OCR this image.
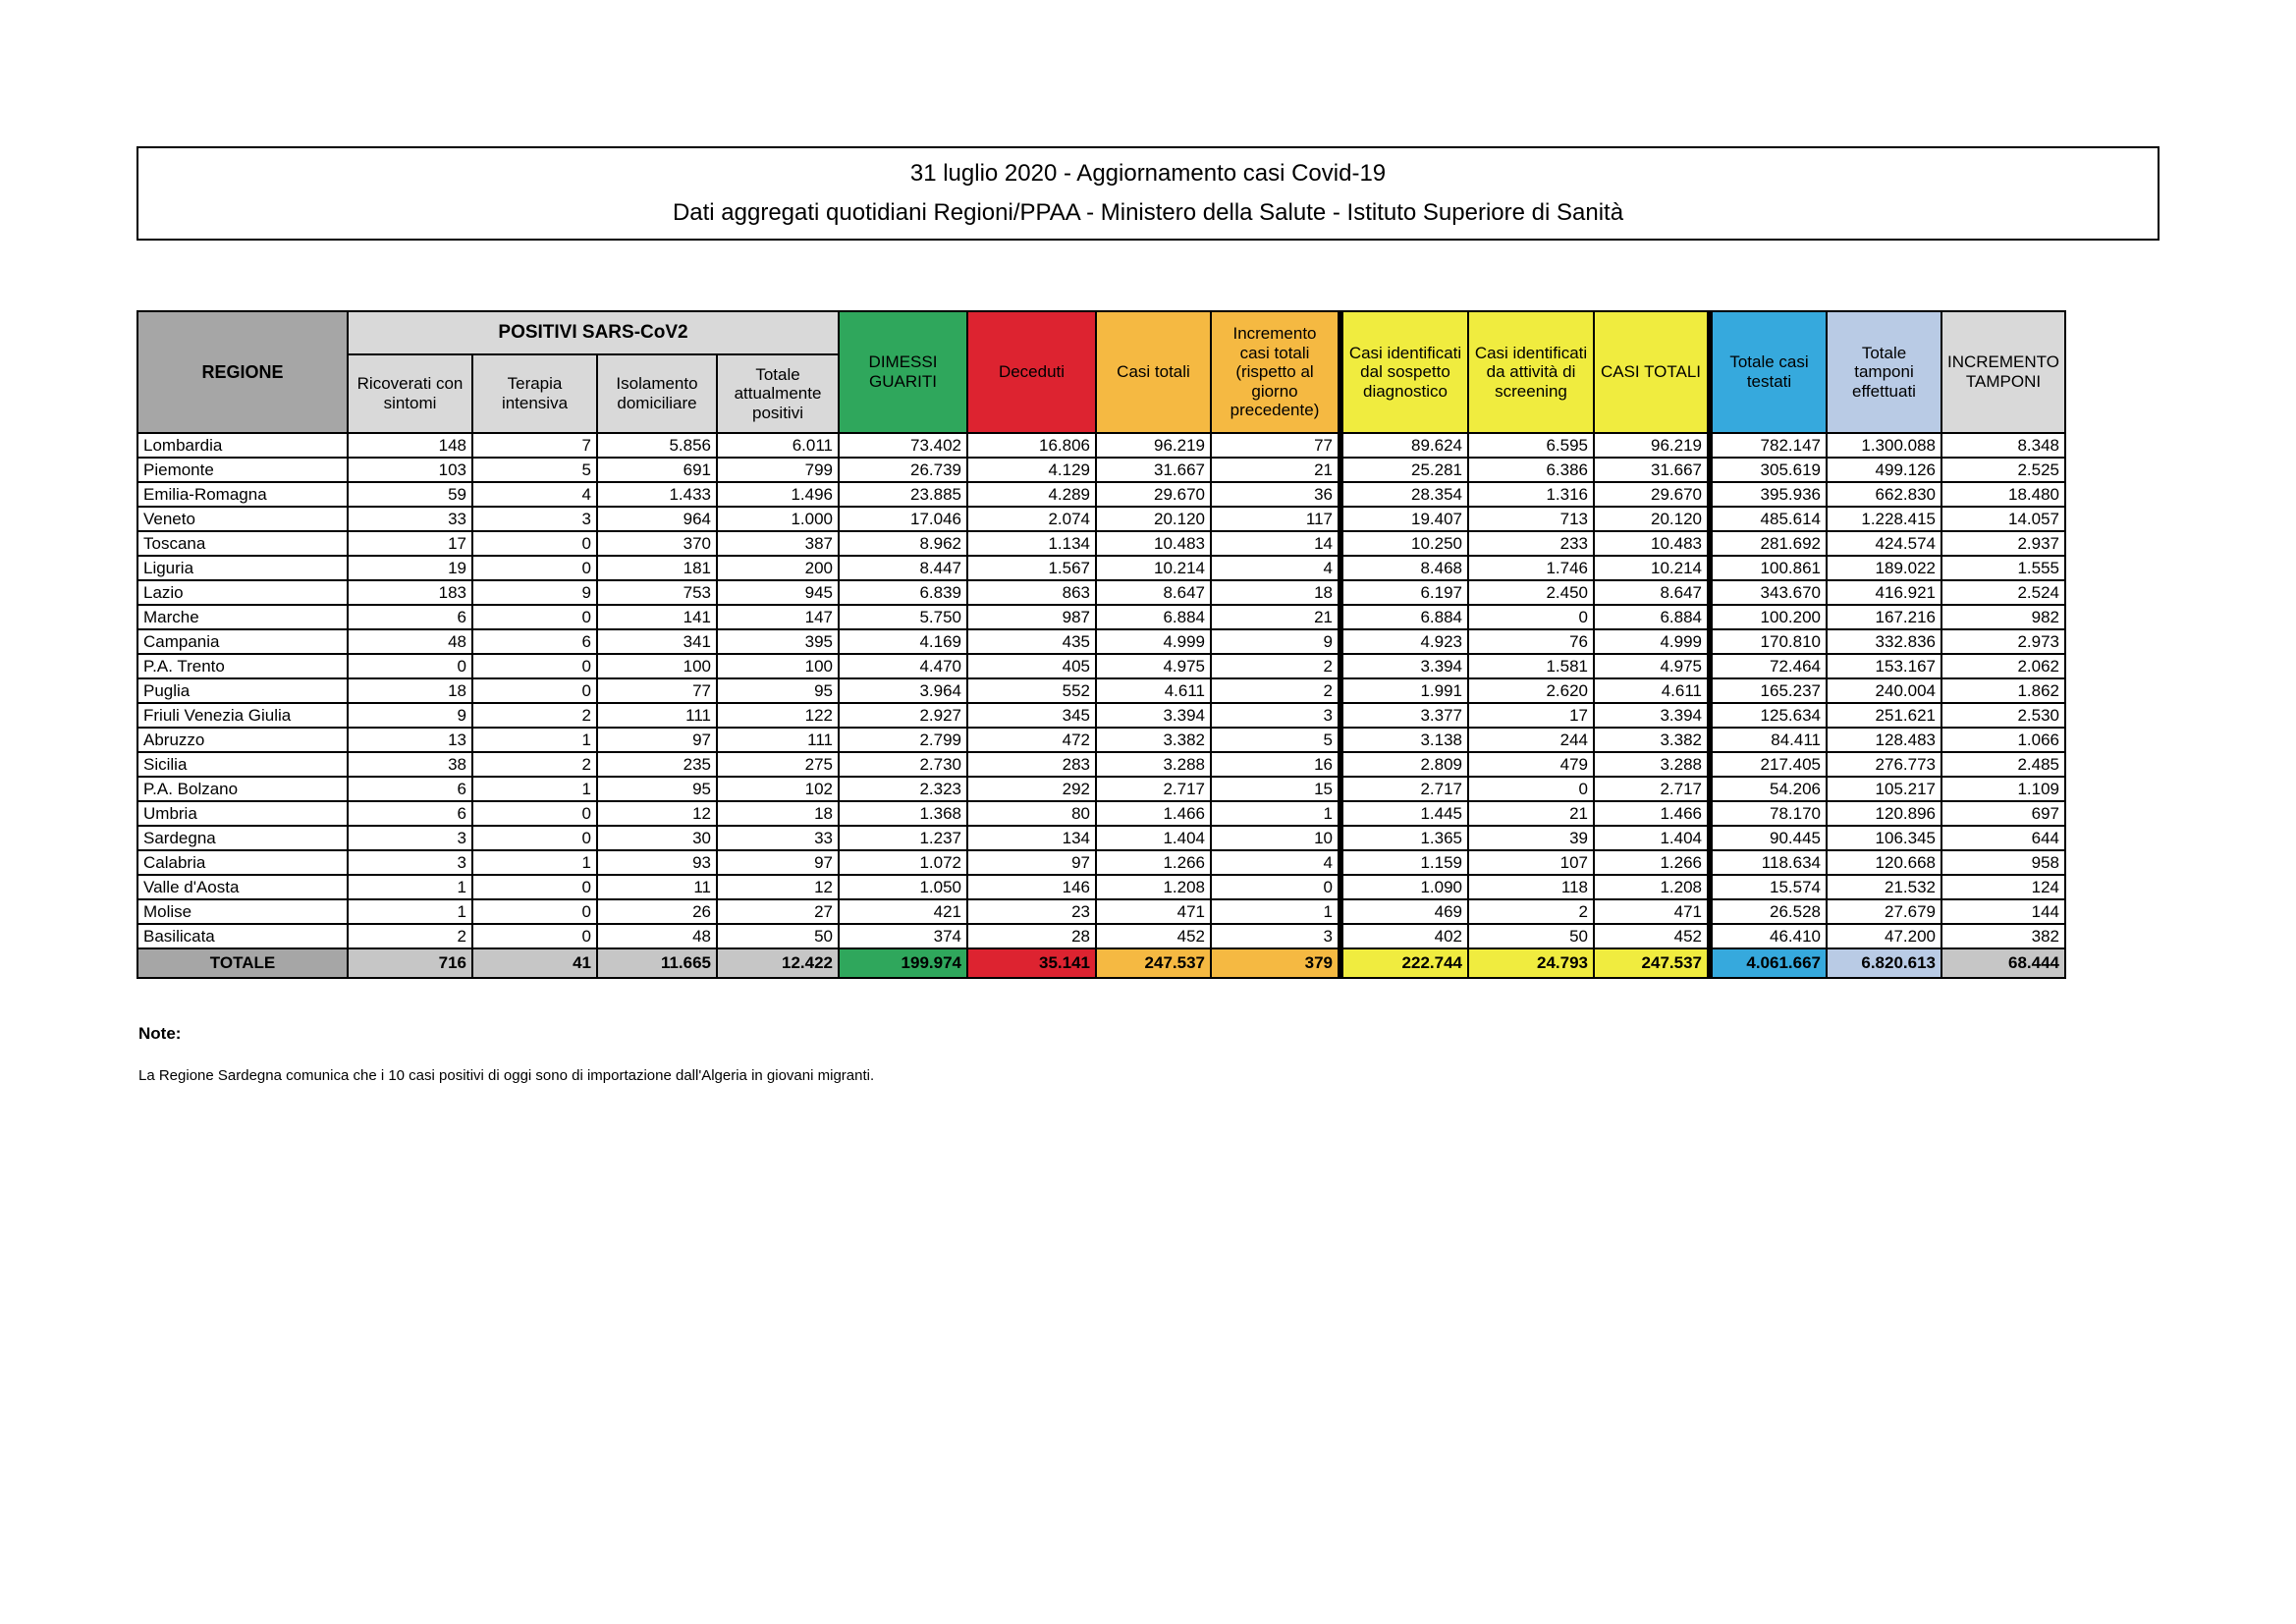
31 luglio 2020 - Aggiornamento casi Covid-19
Dati aggregati quotidiani Regioni/PPAA - Ministero della Salute - Istituto Superiore di Sanità
REGIONE	POSITIVI SARS-CoV2				DIMESSI GUARITI	Deceduti	Casi totali	Incremento casi totali (rispetto al giorno precedente)	Casi identificati dal sospetto diagnostico	Casi identificati da attività di screening	CASI TOTALI	Totale casi testati	Totale tamponi effettuati	INCREMENTO TAMPONI
	Ricoverati con sintomi	Terapia intensiva	Isolamento domiciliare	Totale attualmente positivi										
Lombardia	148	7	5.856	6.011	73.402	16.806	96.219	77	89.624	6.595	96.219	782.147	1.300.088	8.348
Piemonte	103	5	691	799	26.739	4.129	31.667	21	25.281	6.386	31.667	305.619	499.126	2.525
Emilia-Romagna	59	4	1.433	1.496	23.885	4.289	29.670	36	28.354	1.316	29.670	395.936	662.830	18.480
Veneto	33	3	964	1.000	17.046	2.074	20.120	117	19.407	713	20.120	485.614	1.228.415	14.057
Toscana	17	0	370	387	8.962	1.134	10.483	14	10.250	233	10.483	281.692	424.574	2.937
Liguria	19	0	181	200	8.447	1.567	10.214	4	8.468	1.746	10.214	100.861	189.022	1.555
Lazio	183	9	753	945	6.839	863	8.647	18	6.197	2.450	8.647	343.670	416.921	2.524
Marche	6	0	141	147	5.750	987	6.884	21	6.884	0	6.884	100.200	167.216	982
Campania	48	6	341	395	4.169	435	4.999	9	4.923	76	4.999	170.810	332.836	2.973
P.A. Trento	0	0	100	100	4.470	405	4.975	2	3.394	1.581	4.975	72.464	153.167	2.062
Puglia	18	0	77	95	3.964	552	4.611	2	1.991	2.620	4.611	165.237	240.004	1.862
Friuli Venezia Giulia	9	2	111	122	2.927	345	3.394	3	3.377	17	3.394	125.634	251.621	2.530
Abruzzo	13	1	97	111	2.799	472	3.382	5	3.138	244	3.382	84.411	128.483	1.066
Sicilia	38	2	235	275	2.730	283	3.288	16	2.809	479	3.288	217.405	276.773	2.485
P.A. Bolzano	6	1	95	102	2.323	292	2.717	15	2.717	0	2.717	54.206	105.217	1.109
Umbria	6	0	12	18	1.368	80	1.466	1	1.445	21	1.466	78.170	120.896	697
Sardegna	3	0	30	33	1.237	134	1.404	10	1.365	39	1.404	90.445	106.345	644
Calabria	3	1	93	97	1.072	97	1.266	4	1.159	107	1.266	118.634	120.668	958
Valle d'Aosta	1	0	11	12	1.050	146	1.208	0	1.090	118	1.208	15.574	21.532	124
Molise	1	0	26	27	421	23	471	1	469	2	471	26.528	27.679	144
Basilicata	2	0	48	50	374	28	452	3	402	50	452	46.410	47.200	382
TOTALE	716	41	11.665	12.422	199.974	35.141	247.537	379	222.744	24.793	247.537	4.061.667	6.820.613	68.444

Note:

La Regione Sardegna comunica che i 10 casi positivi di oggi sono di importazione dall'Algeria in giovani migranti.
